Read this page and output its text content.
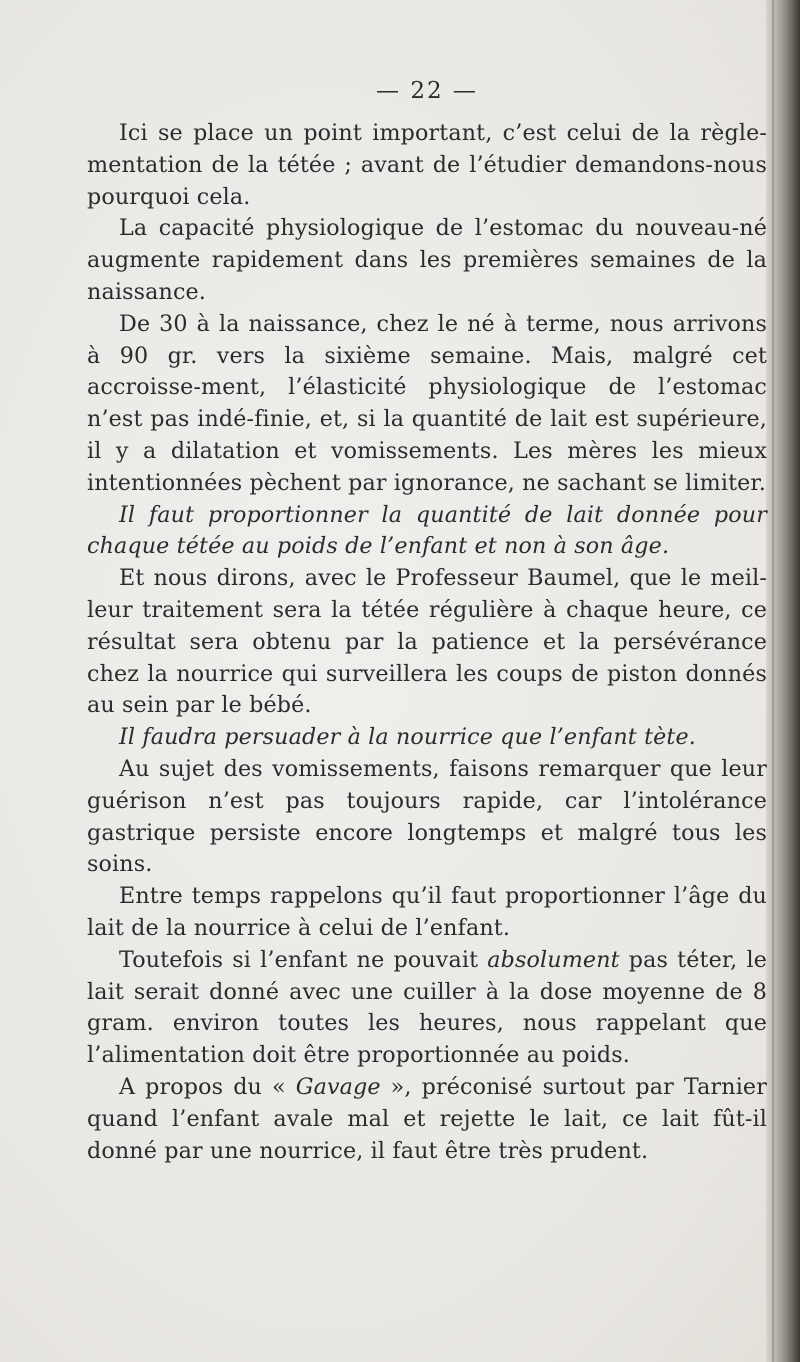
— 22 —

Ici se place un point important, c’est celui de la règle-mentation de la tétée ; avant de l’étudier demandons-nous pourquoi cela.

La capacité physiologique de l’estomac du nouveau-né augmente rapidement dans les premières semaines de la naissance.

De 30 à la naissance, chez le né à terme, nous arrivons à 90 gr. vers la sixième semaine. Mais, malgré cet accroisse-ment, l’élasticité physiologique de l’estomac n’est pas indé-finie, et, si la quantité de lait est supérieure, il y a dilatation et vomissements. Les mères les mieux intentionnées pèchent par ignorance, ne sachant se limiter.

Il faut proportionner la quantité de lait donnée pour chaque tétée au poids de l’enfant et non à son âge.

Et nous dirons, avec le Professeur Baumel, que le meil-leur traitement sera la tétée régulière à chaque heure, ce résultat sera obtenu par la patience et la persévérance chez la nourrice qui surveillera les coups de piston donnés au sein par le bébé.

Il faudra persuader à la nourrice que l’enfant tète.

Au sujet des vomissements, faisons remarquer que leur guérison n’est pas toujours rapide, car l’intolérance gastrique persiste encore longtemps et malgré tous les soins.

Entre temps rappelons qu’il faut proportionner l’âge du lait de la nourrice à celui de l’enfant.

Toutefois si l’enfant ne pouvait absolument pas téter, le lait serait donné avec une cuiller à la dose moyenne de 8 gram. environ toutes les heures, nous rappelant que l’alimentation doit être proportionnée au poids.

A propos du « Gavage », préconisé surtout par Tarnier quand l’enfant avale mal et rejette le lait, ce lait fût-il donné par une nourrice, il faut être très prudent.
